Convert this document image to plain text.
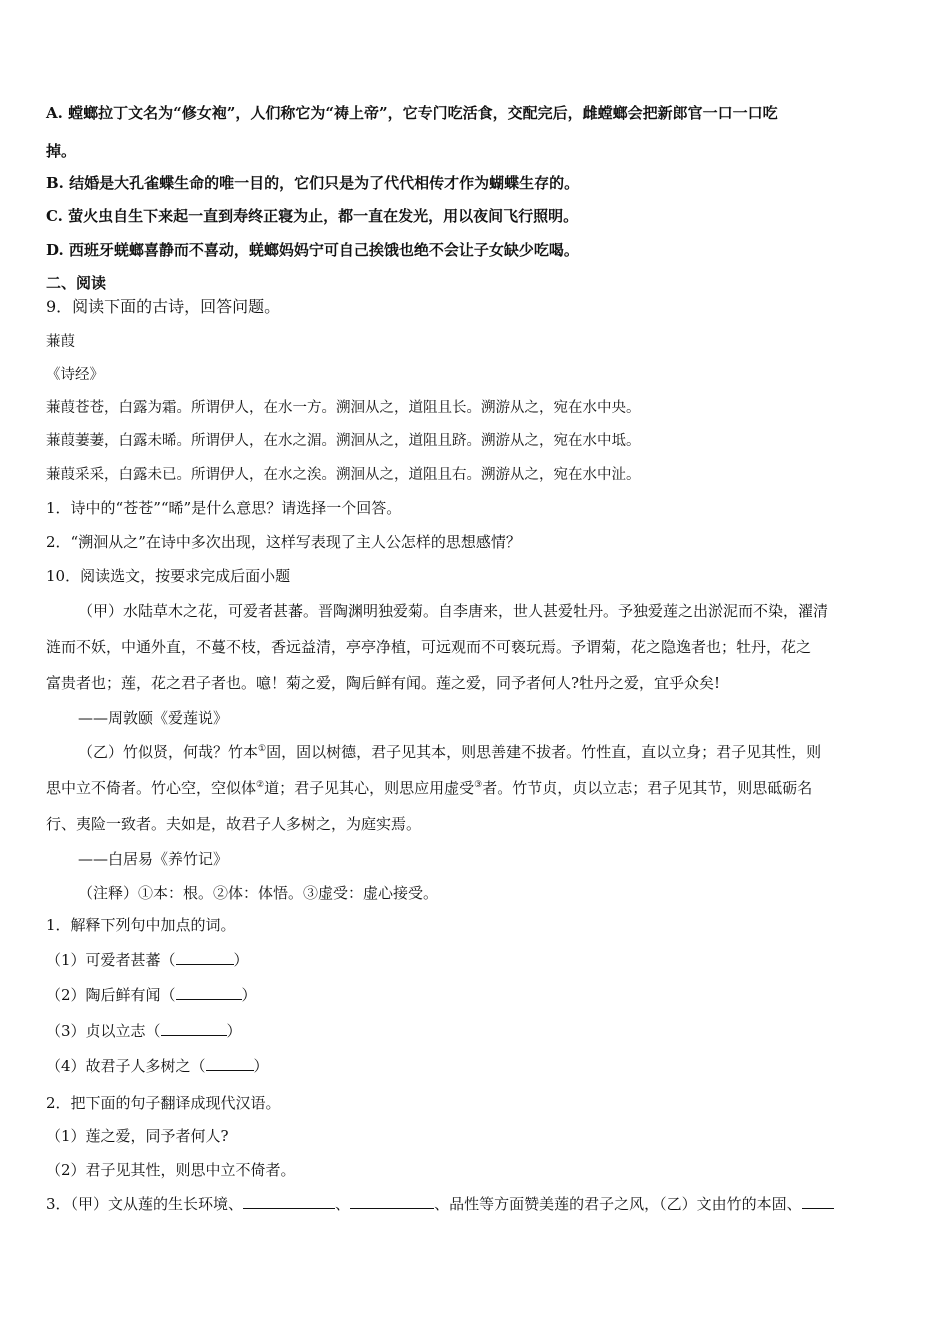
A. 螳螂拉丁文名为“修女袍”，人们称它为“祷上帝”，它专门吃活食，交配完后，雌螳螂会把新郎官一口一口吃
掉。
B. 结婚是大孔雀蝶生命的唯一目的，它们只是为了代代相传才作为蝴蝶生存的。
C. 萤火虫自生下来起一直到寿终正寝为止，都一直在发光，用以夜间飞行照明。
D. 西班牙蜣螂喜静而不喜动，蜣螂妈妈宁可自己挨饿也绝不会让子女缺少吃喝。
二、阅读
9．阅读下面的古诗，回答问题。
蒹葭
《诗经》
蒹葭苍苍，白露为霜。所谓伊人，在水一方。溯洄从之，道阻且长。溯游从之，宛在水中央。
蒹葭萋萋，白露未晞。所谓伊人，在水之湄。溯洄从之，道阻且跻。溯游从之，宛在水中坻。
蒹葭采采，白露未已。所谓伊人，在水之涘。溯洄从之，道阻且右。溯游从之，宛在水中沚。
1．诗中的“苍苍”“晞”是什么意思？请选择一个回答。
2．“溯洄从之”在诗中多次出现，这样写表现了主人公怎样的思想感情？
10．阅读选文，按要求完成后面小题
（甲）水陆草木之花，可爱者甚蕃。晋陶渊明独爱菊。自李唐来，世人甚爱牡丹。予独爱莲之出淤泥而不染，濯清
涟而不妖，中通外直，不蔓不枝，香远益清，亭亭净植，可远观而不可亵玩焉。予谓菊，花之隐逸者也；牡丹，花之
富贵者也；莲，花之君子者也。噫！菊之爱，陶后鲜有闻。莲之爱，同予者何人?牡丹之爱，宜乎众矣!
——周敦颐《爱莲说》
（乙）竹似贤，何哉？竹本①固，固以树德，君子见其本，则思善建不拔者。竹性直，直以立身；君子见其性，则
思中立不倚者。竹心空，空似体②道；君子见其心，则思应用虚受③者。竹节贞，贞以立志；君子见其节，则思砥砺名
行、夷险一致者。夫如是，故君子人多树之，为庭实焉。
——白居易《养竹记》
（注释）①本：根。②体：体悟。③虚受：虚心接受。
1．解释下列句中加点的词。
（1）可爱者甚蕃（	）
（2）陶后鲜有闻（	）
（3）贞以立志（	）
（4）故君子人多树之（	）
2．把下面的句子翻译成现代汉语。
（1）莲之爱，同予者何人?
（2）君子见其性，则思中立不倚者。
3．（甲）文从莲的生长环境、	、	、品性等方面赞美莲的君子之风，（乙）文由竹的本固、
